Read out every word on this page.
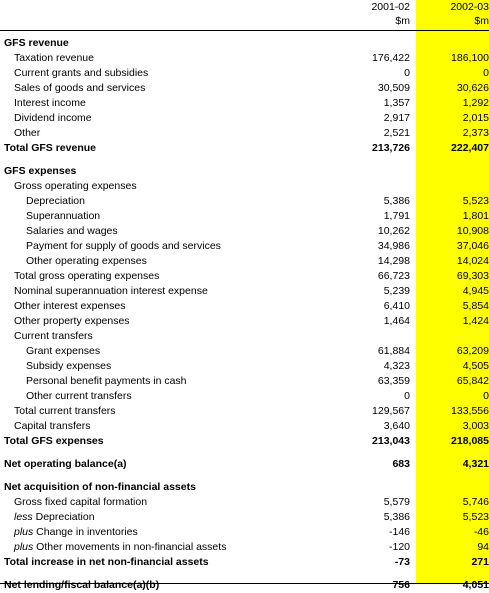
	2001-02	2002-03
	$m	$m

GFS revenue		
Taxation revenue	176,422	186,100
Current grants and subsidies	0	0
Sales of goods and services	30,509	30,626
Interest income	1,357	1,292
Dividend income	2,917	2,015
Other	2,521	2,373
Total GFS revenue	213,726	222,407

GFS expenses		
Gross operating expenses		
Depreciation	5,386	5,523
Superannuation	1,791	1,801
Salaries and wages	10,262	10,908
Payment for supply of goods and services	34,986	37,046
Other operating expenses	14,298	14,024
Total gross operating expenses	66,723	69,303
Nominal superannuation interest expense	5,239	4,945
Other interest expenses	6,410	5,854
Other property expenses	1,464	1,424
Current transfers		
Grant expenses	61,884	63,209
Subsidy expenses	4,323	4,505
Personal benefit payments in cash	63,359	65,842
Other current transfers	0	0
Total current transfers	129,567	133,556
Capital transfers	3,640	3,003
Total GFS expenses	213,043	218,085

Net operating balance(a)	683	4,321

Net acquisition of non-financial assets		
Gross fixed capital formation	5,579	5,746
less Depreciation	5,386	5,523
plus Change in inventories	-146	-46
plus Other movements in non-financial assets	-120	94
Total increase in net non-financial assets	-73	271

Net lending/fiscal balance(a)(b)	756	4,051
